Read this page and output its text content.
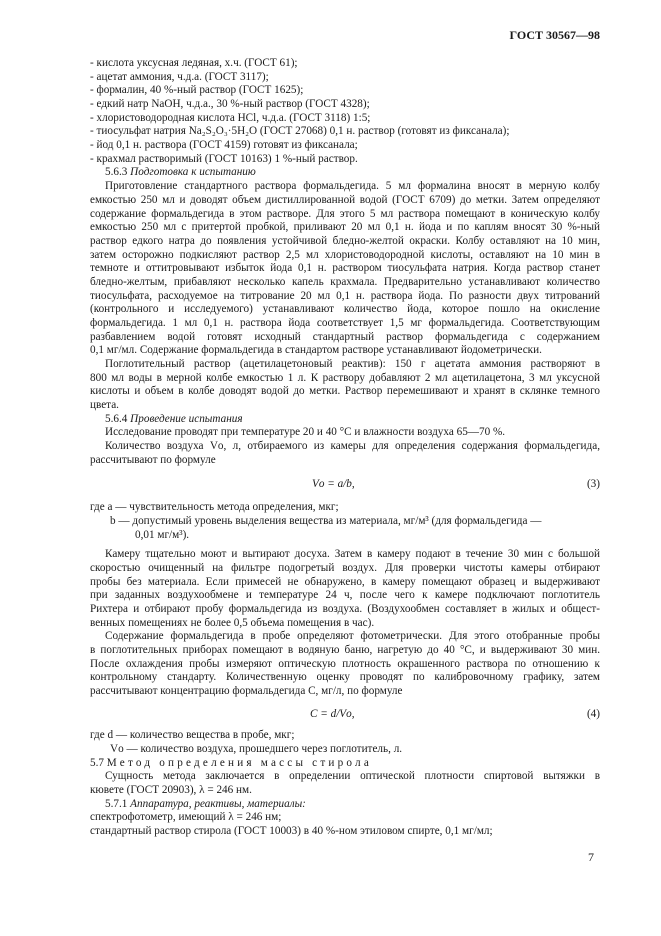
ГОСТ 30567—98
- кислота уксусная ледяная, х.ч. (ГОСТ 61);
- ацетат аммония, ч.д.а. (ГОСТ 3117);
- формалин, 40 %-ный раствор (ГОСТ 1625);
- едкий натр NaOH, ч.д.а., 30 %-ный раствор (ГОСТ 4328);
- хлористоводородная кислота HCl, ч.д.а. (ГОСТ 3118) 1:5;
- тиосульфат натрия Na₂S₂O₃·5H₂O (ГОСТ 27068) 0,1 н. раствор (готовят из фиксанала);
- йод 0,1 н. раствора (ГОСТ 4159) готовят из фиксанала;
- крахмал растворимый (ГОСТ 10163) 1 %-ный раствор.
5.6.3 Подготовка к испытанию
Приготовление стандартного раствора формальдегида. 5 мл формалина вносят в мерную колбу
емкостью 250 мл и доводят объем дистиллированной водой (ГОСТ 6709) до метки. Затем определяют
содержание формальдегида в этом растворе. Для этого 5 мл раствора помещают в коническую колбу
емкостью 250 мл с притертой пробкой, приливают 20 мл 0,1 н. йода и по каплям вносят 30 %-ный
раствор едкого натра до появления устойчивой бледно-желтой окраски. Колбу оставляют на 10 мин,
затем осторожно подкисляют раствор 2,5 мл хлористоводородной кислоты, оставляют на 10 мин в
темноте и оттитровывают избыток йода 0,1 н. раствором тиосульфата натрия. Когда раствор станет
бледно-желтым, прибавляют несколько капель крахмала. Предварительно устанавливают количество
тиосульфата, расходуемое на титрование 20 мл 0,1 н. раствора йода. По разности двух титрований
(контрольного и исследуемого) устанавливают количество йода, которое пошло на окисление
формальдегида. 1 мл 0,1 н. раствора йода соответствует 1,5 мг формальдегида. Соответствующим
разбавлением водой готовят исходный стандартный раствор формальдегида с содержанием
0,1 мг/мл. Содержание формальдегида в стандартом растворе устанавливают йодометрически.
Поглотительный раствор (ацетилацетоновый реактив): 150 г ацетата аммония растворяют в
800 мл воды в мерной колбе емкостью 1 л. К раствору добавляют 2 мл ацетилацетона, 3 мл уксусной
кислоты и объем в колбе доводят водой до метки. Раствор перемешивают и хранят в склянке темного
цвета.
5.6.4 Проведение испытания
Исследование проводят при температуре 20 и 40 °С и влажности воздуха 65—70 %.
Количество воздуха Vо, л, отбираемого из камеры для определения содержания формальдегида,
рассчитывают по формуле
Vо = a/b,	(3)
где a — чувствительность метода определения, мкг;
b — допустимый уровень выделения вещества из материала, мг/м³ (для формальдегида —
0,01 мг/м³).
Камеру тщательно моют и вытирают досуха. Затем в камеру подают в течение 30 мин с большой
скоростью очищенный на фильтре подогретый воздух. Для проверки чистоты камеры отбирают
пробы без материала. Если примесей не обнаружено, в камеру помещают образец и выдерживают
при заданных воздухообмене и температуре 24 ч, после чего к камере подключают поглотитель
Рихтера и отбирают пробу формальдегида из воздуха. (Воздухообмен составляет в жилых и общест-
венных помещениях не более 0,5 объема помещения в час).
Содержание формальдегида в пробе определяют фотометрически. Для этого отобранные пробы
в поглотительных приборах помещают в водяную баню, нагретую до 40 °С, и выдерживают 30 мин.
После охлаждения пробы измеряют оптическую плотность окрашенного раствора по отношению к
контрольному стандарту. Количественную оценку проводят по калибровочному графику, затем
рассчитывают концентрацию формальдегида C, мг/л, по формуле
C = d/Vо,	(4)
где d — количество вещества в пробе, мкг;
Vо — количество воздуха, прошедшего через поглотитель, л.
5.7 Метод определения массы стирола
Сущность метода заключается в определении оптической плотности спиртовой вытяжки в
кювете (ГОСТ 20903), λ = 246 нм.
5.7.1 Аппаратура, реактивы, материалы:
спектрофотометр, имеющий λ = 246 нм;
стандартный раствор стирола (ГОСТ 10003) в 40 %-ном этиловом спирте, 0,1 мг/мл;
7
